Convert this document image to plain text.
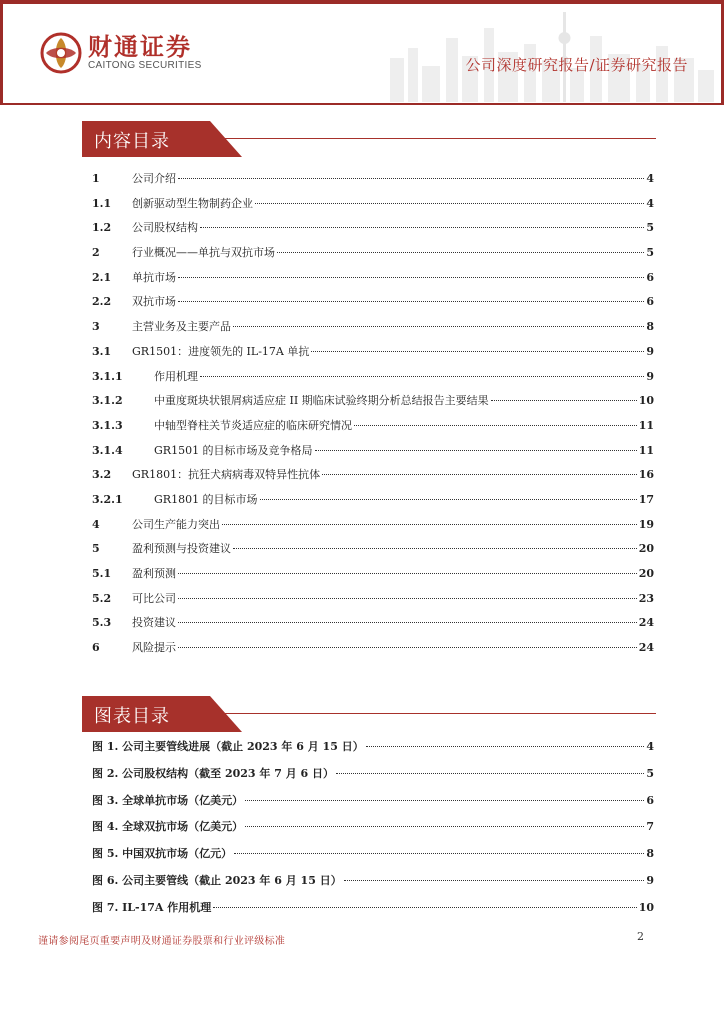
财通证券
CAITONG SECURITIES	公司深度研究报告/证券研究报告
内容目录
1	公司介绍	4
1.1	创新驱动型生物制药企业	4
1.2	公司股权结构	5
2	行业概况——单抗与双抗市场	5
2.1	单抗市场	6
2.2	双抗市场	6
3	主营业务及主要产品	8
3.1	GR1501：进度领先的 IL-17A 单抗	9
3.1.1	作用机理	9
3.1.2	中重度斑块状银屑病适应症 II 期临床试验终期分析总结报告主要结果	10
3.1.3	中轴型脊柱关节炎适应症的临床研究情况	11
3.1.4	GR1501 的目标市场及竞争格局	11
3.2	GR1801：抗狂犬病病毒双特异性抗体	16
3.2.1	GR1801 的目标市场	17
4	公司生产能力突出	19
5	盈利预测与投资建议	20
5.1	盈利预测	20
5.2	可比公司	23
5.3	投资建议	24
6	风险提示	24
图表目录
图 1. 公司主要管线进展（截止 2023 年 6 月 15 日）	4
图 2. 公司股权结构（截至 2023 年 7 月 6 日）	5
图 3. 全球单抗市场（亿美元）	6
图 4. 全球双抗市场（亿美元）	7
图 5. 中国双抗市场（亿元）	8
图 6. 公司主要管线（截止 2023 年 6 月 15 日）	9
图 7. IL-17A 作用机理	10
谨请参阅尾页重要声明及财通证券股票和行业评级标准	2
